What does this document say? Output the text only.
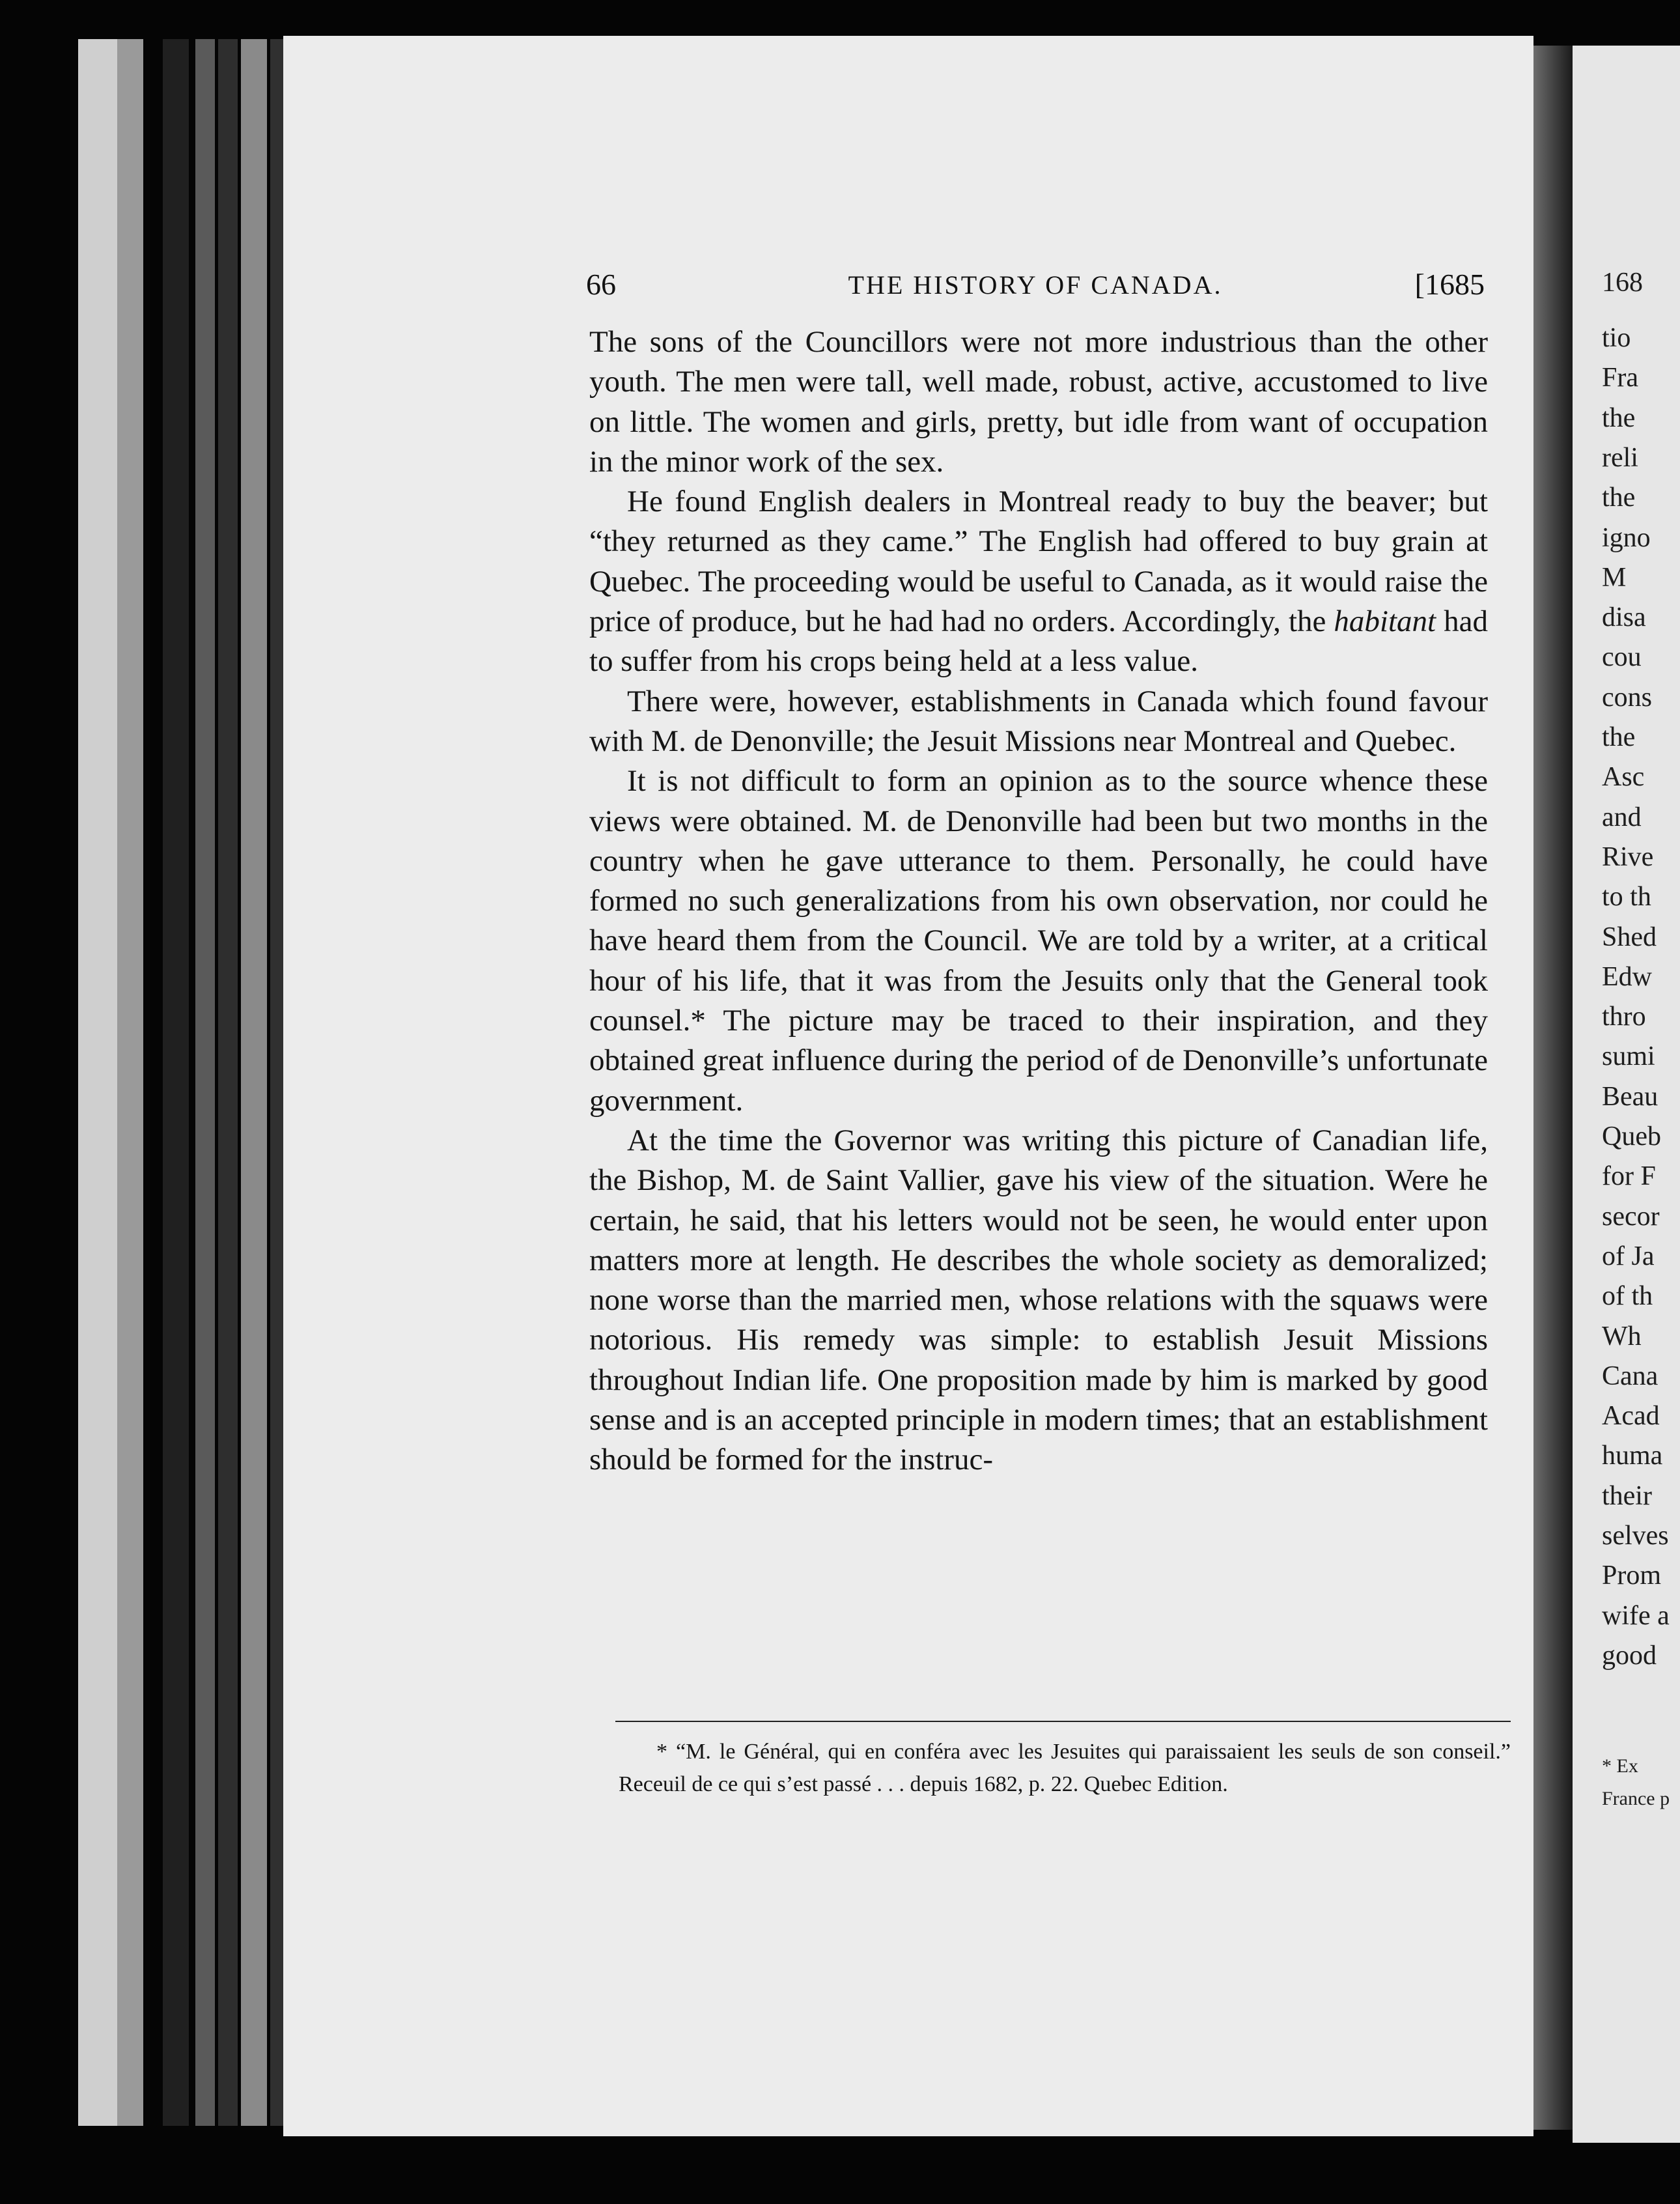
168
tio
Fra
the
reli
the
igno
M
disa
cou
cons
the
Asc
and
Rive
to th
Shed
Edw
thro
sumi
Beau
Queb
for F
secor
of Ja
of th
Wh
Cana
Acad
huma
their
selves
Prom
wife a
good
* Ex
France p
66	THE HISTORY OF CANADA.	[1685

The sons of the Councillors were not more industrious than the other youth. The men were tall, well made, robust, active, accustomed to live on little. The women and girls, pretty, but idle from want of occupation in the minor work of the sex.

He found English dealers in Montreal ready to buy the beaver; but “they returned as they came.” The English had offered to buy grain at Quebec. The proceeding would be useful to Canada, as it would raise the price of produce, but he had had no orders. Accordingly, the habitant had to suffer from his crops being held at a less value.

There were, however, establishments in Canada which found favour with M. de Denonville; the Jesuit Missions near Montreal and Quebec.

It is not difficult to form an opinion as to the source whence these views were obtained. M. de Denonville had been but two months in the country when he gave utterance to them. Personally, he could have formed no such generalizations from his own observation, nor could he have heard them from the Council. We are told by a writer, at a critical hour of his life, that it was from the Jesuits only that the General took counsel.* The picture may be traced to their inspiration, and they obtained great influence during the period of de Denonville’s unfortunate government.

At the time the Governor was writing this picture of Canadian life, the Bishop, M. de Saint Vallier, gave his view of the situation. Were he certain, he said, that his letters would not be seen, he would enter upon matters more at length. He describes the whole society as demoralized; none worse than the married men, whose relations with the squaws were notorious. His remedy was simple: to establish Jesuit Missions throughout Indian life. One proposition made by him is marked by good sense and is an accepted principle in modern times; that an establishment should be formed for the instruc-

* “M. le Général, qui en conféra avec les Jesuites qui paraissaient les seuls de son conseil.” Receuil de ce qui s’est passé . . . depuis 1682, p. 22. Quebec Edition.
